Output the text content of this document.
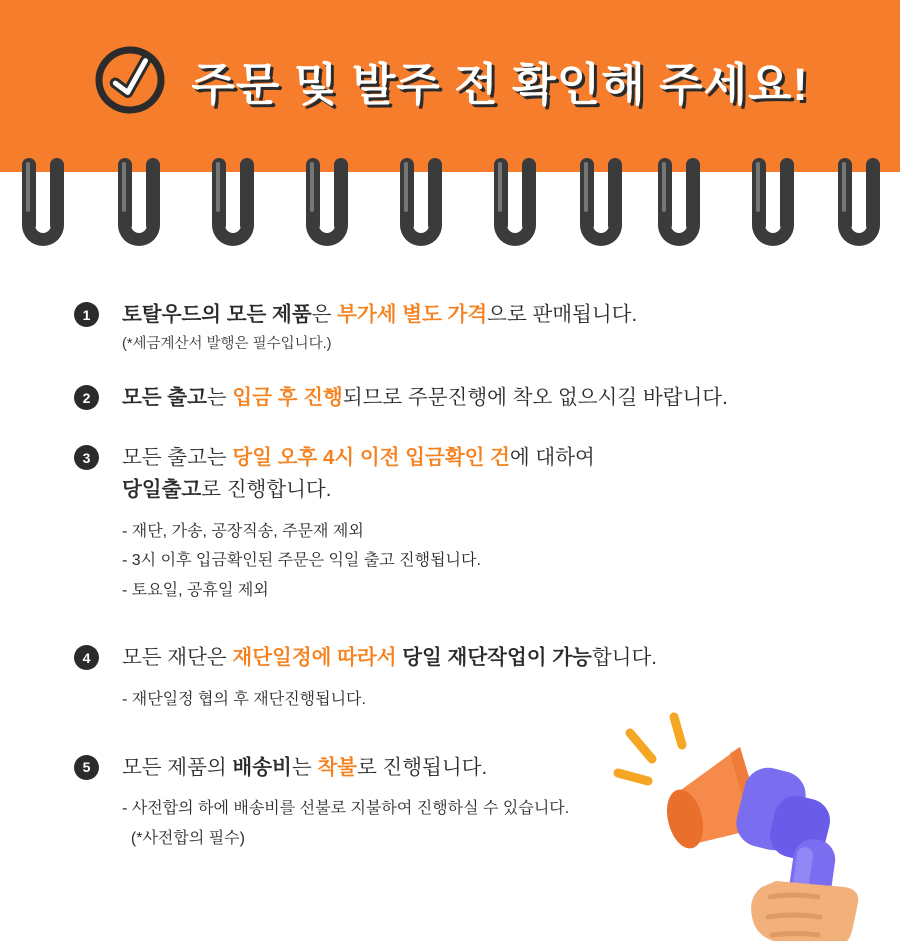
주문 및 발주 전 확인해 주세요!
1	토탈우드의 모든 제품은 부가세 별도 가격으로 판매됩니다.

(*세금계산서 발행은 필수입니다.)

2	모든 출고는 입금 후 진행되므로 주문진행에 착오 없으시길 바랍니다.

3	모든 출고는 당일 오후 4시 이전 입금확인 건에 대하여

당일출고로 진행합니다.

- 재단, 가송, 공장직송, 주문재 제외
- 3시 이후 입금확인된 주문은 익일 출고 진행됩니다.
- 토요일, 공휴일 제외
4	모든 재단은 재단일정에 따라서 당일 재단작업이 가능합니다.

- 재단일정 협의 후 재단진행됩니다.
5	모든 제품의 배송비는 착불로 진행됩니다.

- 사전합의 하에 배송비를 선불로 지불하여 진행하실 수 있습니다.
(*사전합의 필수)
